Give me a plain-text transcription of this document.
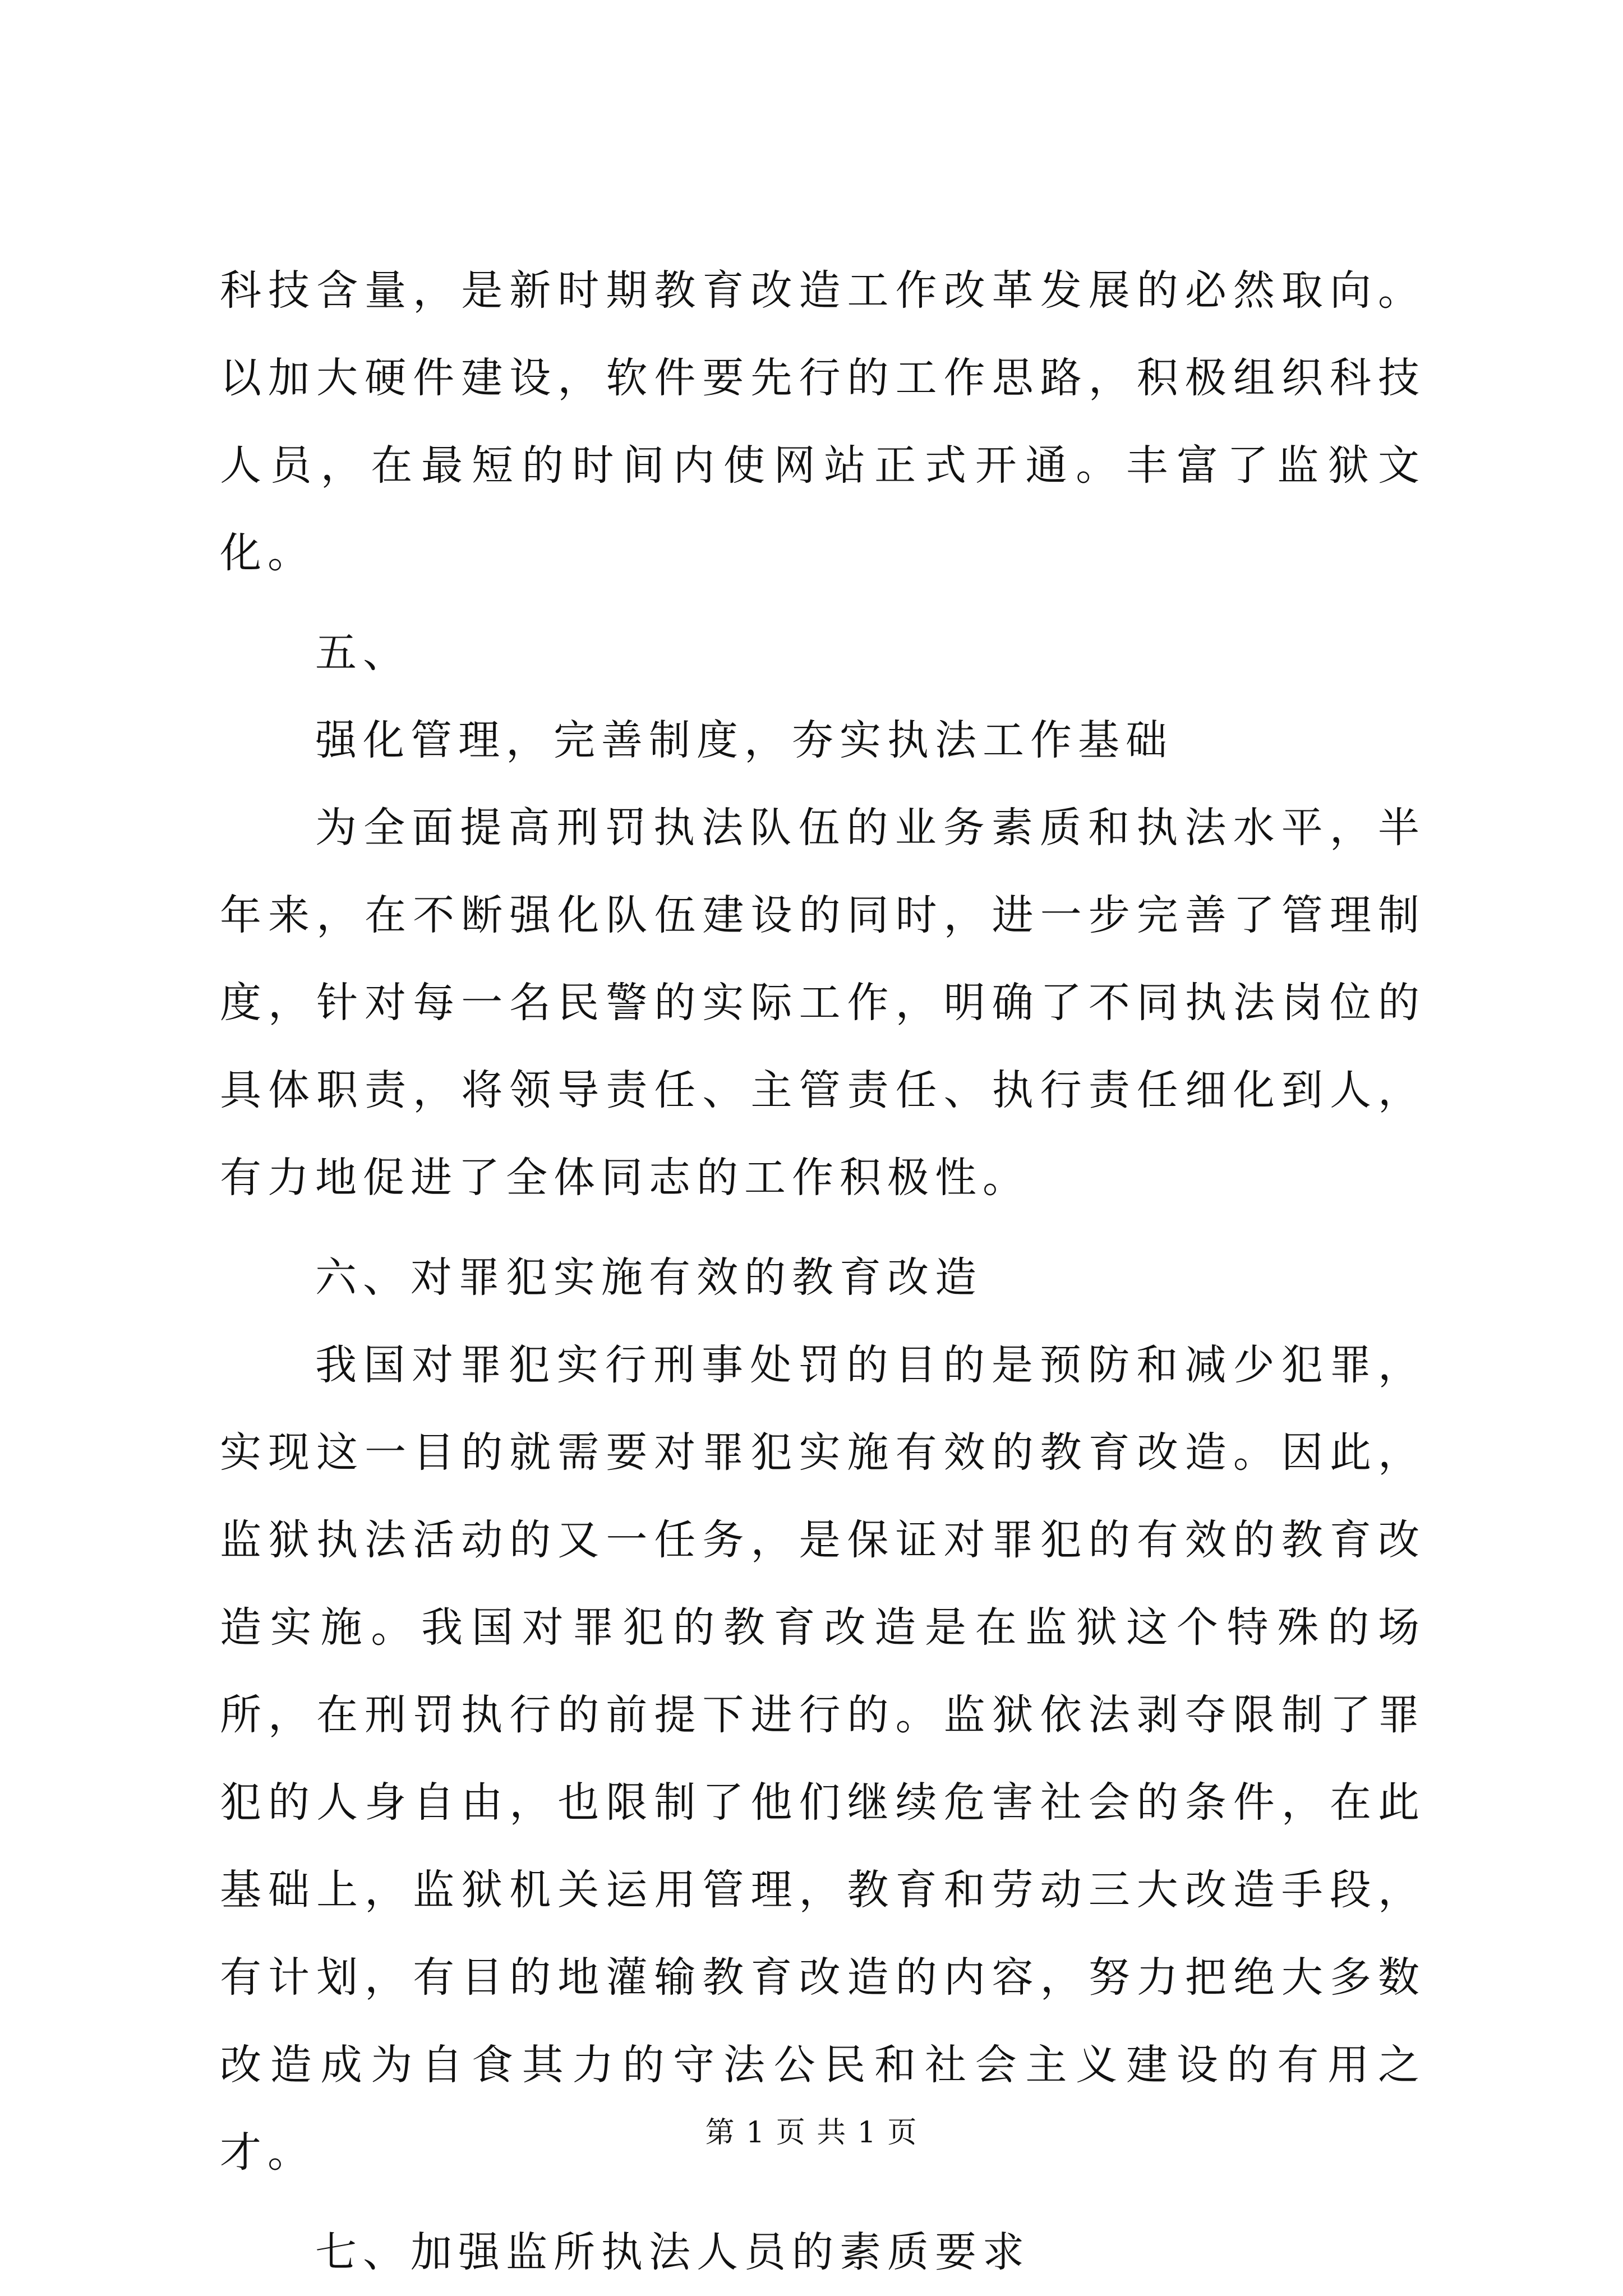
科技含量，是新时期教育改造工作改革发展的必然取向。以加大硬件建设，软件要先行的工作思路，积极组织科技人员，在最短的时间内使网站正式开通。丰富了监狱文化。

五、

强化管理，完善制度，夯实执法工作基础

为全面提高刑罚执法队伍的业务素质和执法水平，半年来，在不断强化队伍建设的同时，进一步完善了管理制度，针对每一名民警的实际工作，明确了不同执法岗位的具体职责，将领导责任、主管责任、执行责任细化到人，有力地促进了全体同志的工作积极性。

六、对罪犯实施有效的教育改造

我国对罪犯实行刑事处罚的目的是预防和减少犯罪，实现这一目的就需要对罪犯实施有效的教育改造。因此，监狱执法活动的又一任务，是保证对罪犯的有效的教育改造实施。我国对罪犯的教育改造是在监狱这个特殊的场所，在刑罚执行的前提下进行的。监狱依法剥夺限制了罪犯的人身自由，也限制了他们继续危害社会的条件，在此基础上，监狱机关运用管理，教育和劳动三大改造手段，有计划，有目的地灌输教育改造的内容，努力把绝大多数改造成为自食其力的守法公民和社会主义建设的有用之才。

七、加强监所执法人员的素质要求

第 1 页 共 1 页
